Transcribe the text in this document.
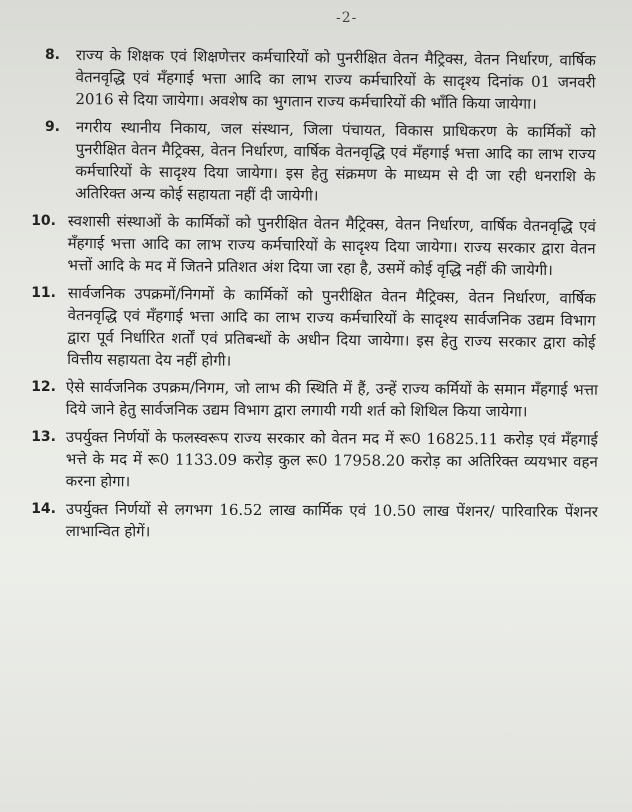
-2-
8.	राज्य के शिक्षक एवं शिक्षणेत्तर कर्मचारियों को पुनरीक्षित वेतन मैट्रिक्स, वेतन निर्धारण, वार्षिक वेतनवृद्धि एवं मँहगाई भत्ता आदि का लाभ राज्य कर्मचारियों के सादृश्य दिनांक 01 जनवरी 2016 से दिया जायेगा। अवशेष का भुगतान राज्य कर्मचारियों की भाँति किया जायेगा।
9.	नगरीय स्थानीय निकाय, जल संस्थान, जिला पंचायत, विकास प्राधिकरण के कार्मिकों को पुनरीक्षित वेतन मैट्रिक्स, वेतन निर्धारण, वार्षिक वेतनवृद्धि एवं मँहगाई भत्ता आदि का लाभ राज्य कर्मचारियों के सादृश्य दिया जायेगा। इस हेतु संक्रमण के माध्यम से दी जा रही धनराशि के अतिरिक्त अन्य कोई सहायता नहीं दी जायेगी।
10. स्वशासी संस्थाओं के कार्मिकों को पुनरीक्षित वेतन मैट्रिक्स, वेतन निर्धारण, वार्षिक वेतनवृद्धि एवं मँहगाई भत्ता आदि का लाभ राज्य कर्मचारियों के सादृश्य दिया जायेगा। राज्य सरकार द्वारा वेतन भत्तों आदि के मद में जितने प्रतिशत अंश दिया जा रहा है, उसमें कोई वृद्धि नहीं की जायेगी।
11. सार्वजनिक उपक्रमों/निगमों के कार्मिकों को पुनरीक्षित वेतन मैट्रिक्स, वेतन निर्धारण, वार्षिक वेतनवृद्धि एवं मँहगाई भत्ता आदि का लाभ राज्य कर्मचारियों के सादृश्य सार्वजनिक उद्यम विभाग द्वारा पूर्व निर्धारित शर्तों एवं प्रतिबन्धों के अधीन दिया जायेगा। इस हेतु राज्य सरकार द्वारा कोई वित्तीय सहायता देय नहीं होगी।
12. ऐसे सार्वजनिक उपक्रम/निगम, जो लाभ की स्थिति में हैं, उन्हें राज्य कर्मियों के समान मँहगाई भत्ता दिये जाने हेतु सार्वजनिक उद्यम विभाग द्वारा लगायी गयी शर्त को शिथिल किया जायेगा।
13. उपर्युक्त निर्णयों के फलस्वरूप राज्य सरकार को वेतन मद में रू0 16825.11 करोड़ एवं मँहगाई भत्ते के मद में रू0 1133.09 करोड़ कुल रू0 17958.20 करोड़ का अतिरिक्त व्ययभार वहन करना होगा।
14. उपर्युक्त निर्णयों से लगभग 16.52 लाख कार्मिक एवं 10.50 लाख पेंशनर/ पारिवारिक पेंशनर लाभान्वित होगें।
